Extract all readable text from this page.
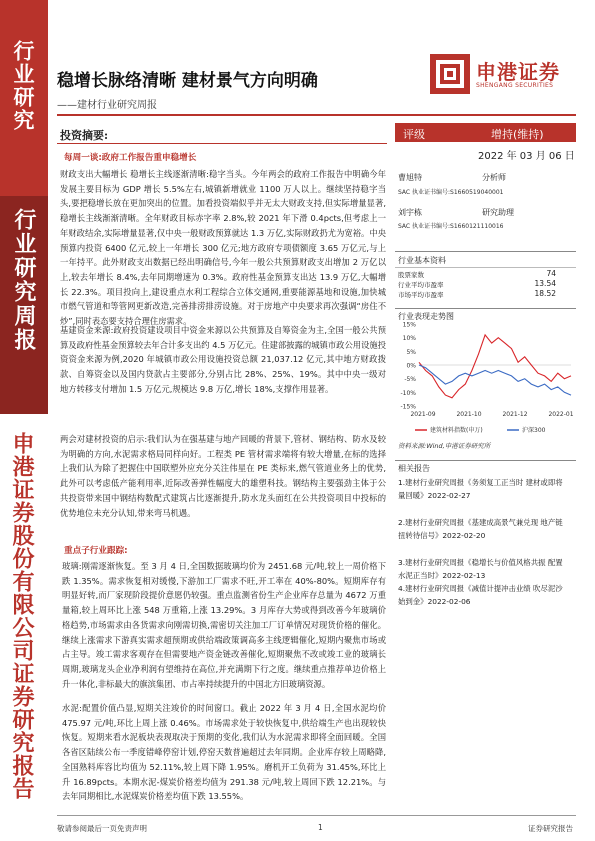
行业研究
行业研究周报
申港证券股份有限公司证券研究报告
稳增长脉络清晰 建材景气方向明确
——建材行业研究周报
申港证券
SHENGANG SECURITIES
投资摘要:
每周一谈:政府工作报告重申稳增长
财政支出大幅增长 稳增长主线逐渐清晰:稳字当头。今年两会的政府工作报告中明确今年发展主要目标为 GDP 增长 5.5%左右,城镇新增就业 1100 万人以上。继续坚持稳字当头,要把稳增长放在更加突出的位置。加看投资端似乎并无太大财政支持,但实际增量显著,稳增长主线渐渐清晰。全年财政目标赤字率 2.8%,较 2021 年下滑 0.4pcts,但考虑上一年财政结余,实际增量显著,仅中央一般财政预算就达 1.3 万亿,实际财政扔尤为宽裕。中央预算内投资 6400 亿元,较上一年增长 300 亿元;地方政府专项债额度 3.65 万亿元,与上一年持平。此外财政支出数据已经出明确信号,今年一般公共预算财政支出增加 2 万亿以上,较去年增长 8.4%,去年同期增速为 0.3%。政府性基金预算支出达 13.9 万亿,大幅增长 22.3%。项目投向上,建设重点水利工程综合立体交通网,重要能源基地和设施,加快城市燃气管道和等管网更新改造,完善排涝排涝设施。对于房地产中央要求再次强调“房住不炒”,同时表态要支持合理住房需求。
基建资金来源:政府投资建设项目中资金来源以公共预算及自筹资金为主,全国一般公共预算及政府性基金预算较去年合计多支出约 4.5 万亿元。住建部披露的城镇市政公用设施投资资金来源为例,2020 年城镇市政公用设施投资总额 21,037.12 亿元,其中地方财政拨款、自筹资金以及国内贷款占主要部分,分别占比 28%、25%、19%。其中中央一级对地方转移支付增加 1.5 万亿元,规模达 9.8 万亿,增长 18%,支撑作用显著。
两会对建材投资的启示:我们认为在强基建与地产回暖的背景下,管材、钢结构、防水及较为明确的方向,水泥需求格局同样向好。工程类 PE 管材需求端将有较大增量,在标的选择上我们认为除了把握住中国联塑外应充分关注伟星在 PE 类标来,燃气管道业务上的优势,此外可以考虑低产能利用率,近际改善弹性幅度大的雄塑科技。钢结构主要强劲主体于公共投资带来国中钢结构数配式建筑占比逐渐提升,防水龙头面红在公共投资项目中投标的优势地位未充分认知,带来弯马机遇。
重点子行业跟踪:
玻璃:刚需逐渐恢复。至 3 月 4 日,全国数据玻璃均价为 2451.68 元/吨,较上一周价格下跌 1.35%。需求恢复相对缓慢,下游加工厂需求不旺,开工率在 40%-80%。短期库存有明显好转,而厂家现阶段提价意愿仍较强。重点监测省份生产企业库存总量为 4672 万重量箱,较上周环比上涨 548 万重箱,上涨 13.29%。3 月库存大势或得到改善今年玻璃价格趋势,市场需求由各货需求向刚需切换,需密切关注加工厂订单情况对现货价格的催化。继续上涨需求下游真实需求超预期或供给端政策调高多主线逻辑催化,短期内聚焦市场或占主导。竣工需求客观存在但需要地产资金链改善催化,短期聚焦不改或竣工业的玻璃长周期,玻璃龙头企业净利润有望维持在高位,并充满期下行之度。继续重点推荐单边价格上升一体化,非标最大的旗滨集团、市占率持续提升的中国北方旧玻璃资源。
水泥:配置价值凸显,短期关注竣价的时间窗口。截止 2022 年 3 月 4 日,全国水泥均价 475.97 元/吨,环比上周上涨 0.46%。市场需求处于较快恢复中,供给端生产也出现较快恢复。短期来看水泥板块表现取决于预期的变化,我们认为水泥需求即将全面回暖。全国各省区陆续公布一季度错峰停窑计划,停窑天数普遍超过去年同期。企业库存较上周略降,全国熟料库容比均值为 52.11%,较上周下降 1.95%。磨机开工负荷为 31.45%,环比上升 16.89pcts。本期水泥-煤炭价格差均值为 291.38 元/吨,较上周回下跌 12.21%。与去年同期相比,水泥煤炭价格差均值下跌 13.55%。
评级	增持(维持)
2022 年 03 月 06 日
曹旭特	分析师
SAC 执业证书编号:S1660519040001
刘宇栋	研究助理
SAC 执业证书编号:S1660121110016
行业基本资料
股票家数	74
行业平均市盈率	13.54
市场平均市盈率	18.52
行业表现走势图
15%
10%
5%
0%
-5%
-10%
-15%
2021-09	2021-10	2021-12	2022-01
建筑材料指数(申万)	沪深300
资料来源:Wind,申港证券研究所
相关报告
1.建材行业研究周报《务须复工正当时 建材或即将量回暖》2022-02-27
2.建材行业研究周报《基建成高景气兼兑现 地产链扭转待信号》2022-02-20
3.建材行业研究周报《稳增长与价值风格共振 配置水泥正当时》2022-02-13
4.建材行业研究周报《减值计提冲击业绩 吹尽泥沙始到金》2022-02-06
敬请参阅最后一页免责声明	1	证券研究报告
